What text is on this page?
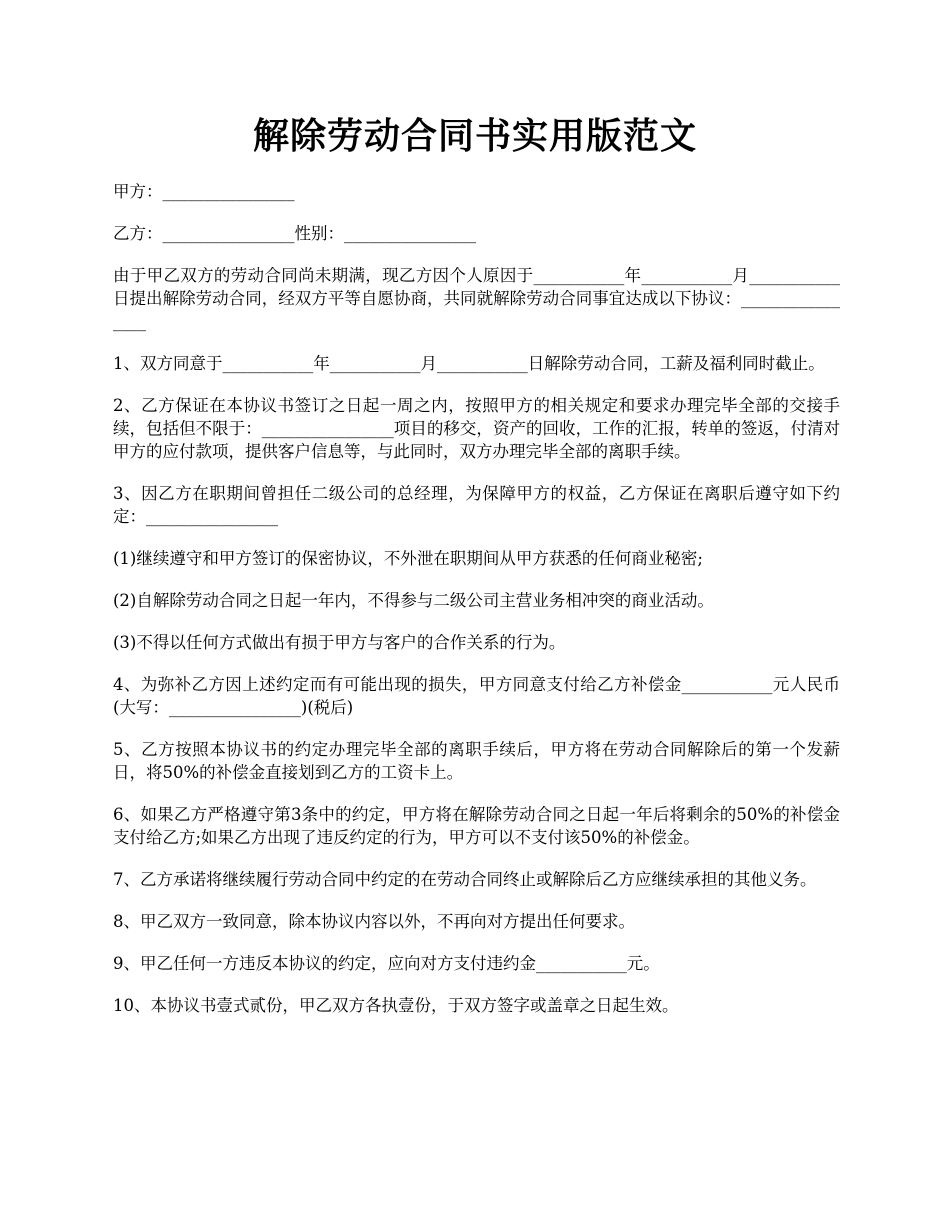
解除劳动合同书实用版范文

甲方：________________

乙方：________________性别：________________

由于甲乙双方的劳动合同尚未期满，现乙方因个人原因于___________年___________月___________日提出解除劳动合同，经双方平等自愿协商，共同就解除劳动合同事宜达成以下协议：________________

1、双方同意于___________年___________月___________日解除劳动合同，工薪及福利同时截止。

2、乙方保证在本协议书签订之日起一周之内，按照甲方的相关规定和要求办理完毕全部的交接手续，包括但不限于：________________项目的移交，资产的回收，工作的汇报，转单的签返，付清对甲方的应付款项，提供客户信息等，与此同时，双方办理完毕全部的离职手续。

3、因乙方在职期间曾担任二级公司的总经理，为保障甲方的权益，乙方保证在离职后遵守如下约定：________________

(1)继续遵守和甲方签订的保密协议，不外泄在职期间从甲方获悉的任何商业秘密;

(2)自解除劳动合同之日起一年内，不得参与二级公司主营业务相冲突的商业活动。

(3)不得以任何方式做出有损于甲方与客户的合作关系的行为。

4、为弥补乙方因上述约定而有可能出现的损失，甲方同意支付给乙方补偿金___________元人民币(大写：________________)(税后)

5、乙方按照本协议书的约定办理完毕全部的离职手续后，甲方将在劳动合同解除后的第一个发薪日，将50%的补偿金直接划到乙方的工资卡上。

6、如果乙方严格遵守第3条中的约定，甲方将在解除劳动合同之日起一年后将剩余的50%的补偿金支付给乙方;如果乙方出现了违反约定的行为，甲方可以不支付该50%的补偿金。

7、乙方承诺将继续履行劳动合同中约定的在劳动合同终止或解除后乙方应继续承担的其他义务。

8、甲乙双方一致同意，除本协议内容以外，不再向对方提出任何要求。

9、甲乙任何一方违反本协议的约定，应向对方支付违约金___________元。

10、本协议书壹式贰份，甲乙双方各执壹份，于双方签字或盖章之日起生效。
